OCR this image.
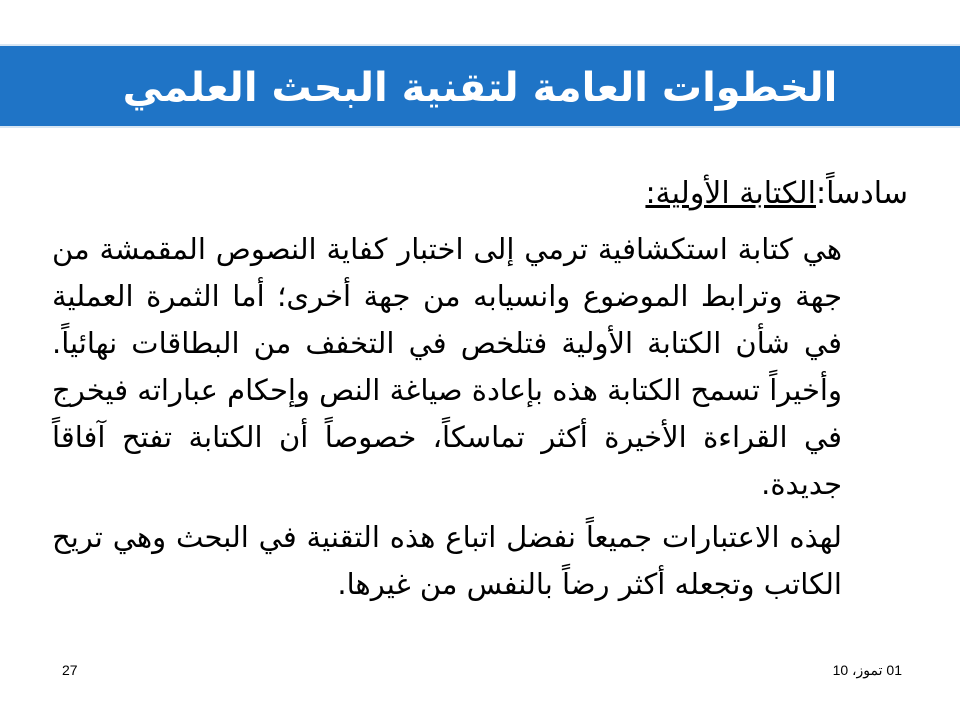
الخطوات العامة لتقنية البحث العلمي
سادساً:الكتابة الأولية:
هي كتابة استكشافية ترمي إلى اختبار كفاية النصوص المقمشة من جهة وترابط الموضوع وانسيابه من جهة أخرى؛ أما الثمرة العملية في شأن الكتابة الأولية فتلخص في التخفف من البطاقات نهائياً. وأخيراً تسمح الكتابة هذه بإعادة صياغة النص وإحكام عباراته فيخرج في القراءة الأخيرة أكثر تماسكاً، خصوصاً أن الكتابة تفتح آفاقاً جديدة.
لهذه الاعتبارات جميعاً نفضل اتباع هذه التقنية في البحث وهي تريح الكاتب وتجعله أكثر رضاً بالنفس من غيرها.
27	01 تموز، 10
